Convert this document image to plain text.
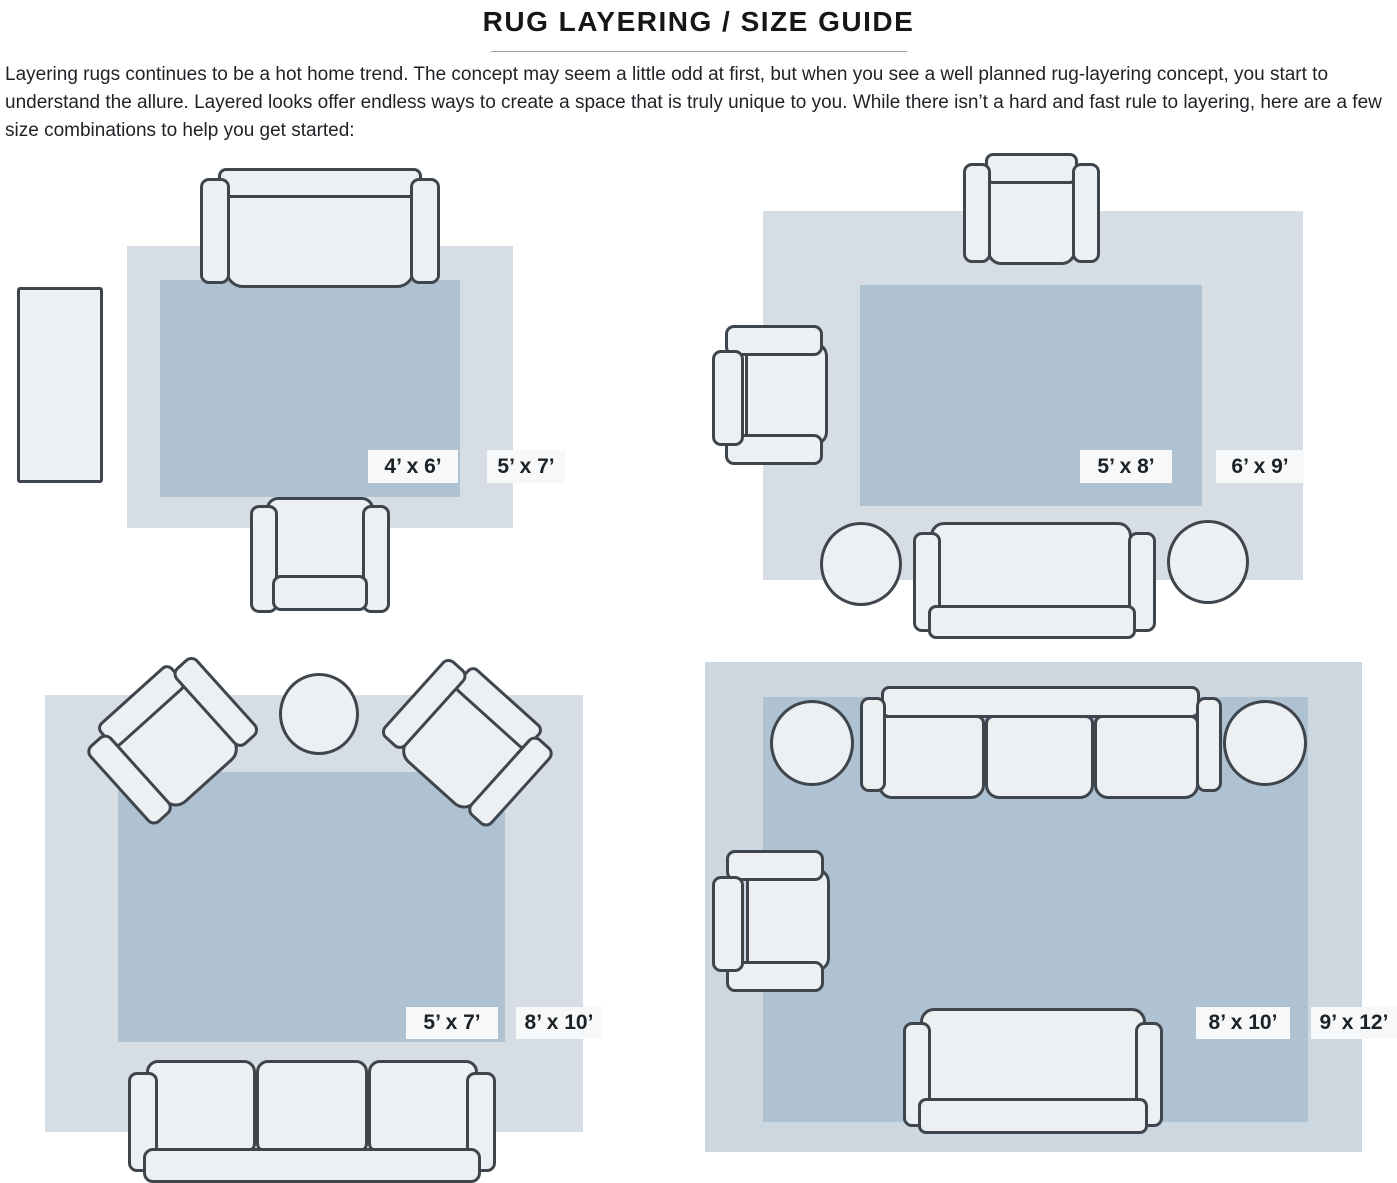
RUG LAYERING / SIZE GUIDE
Layering rugs continues to be a hot home trend. The concept may seem a little odd at first, but when you see a well planned rug-layering concept, you start to understand the allure. Layered looks offer endless ways to create a space that is truly unique to you. While there isn’t a hard and fast rule to layering, here are a few size combinations to help you get started:
4’ x 6’	5’ x 7’	5’ x 8’	6’ x 9’
5’ x 7’	8’ x 10’	8’ x 10’	9’ x 12’
